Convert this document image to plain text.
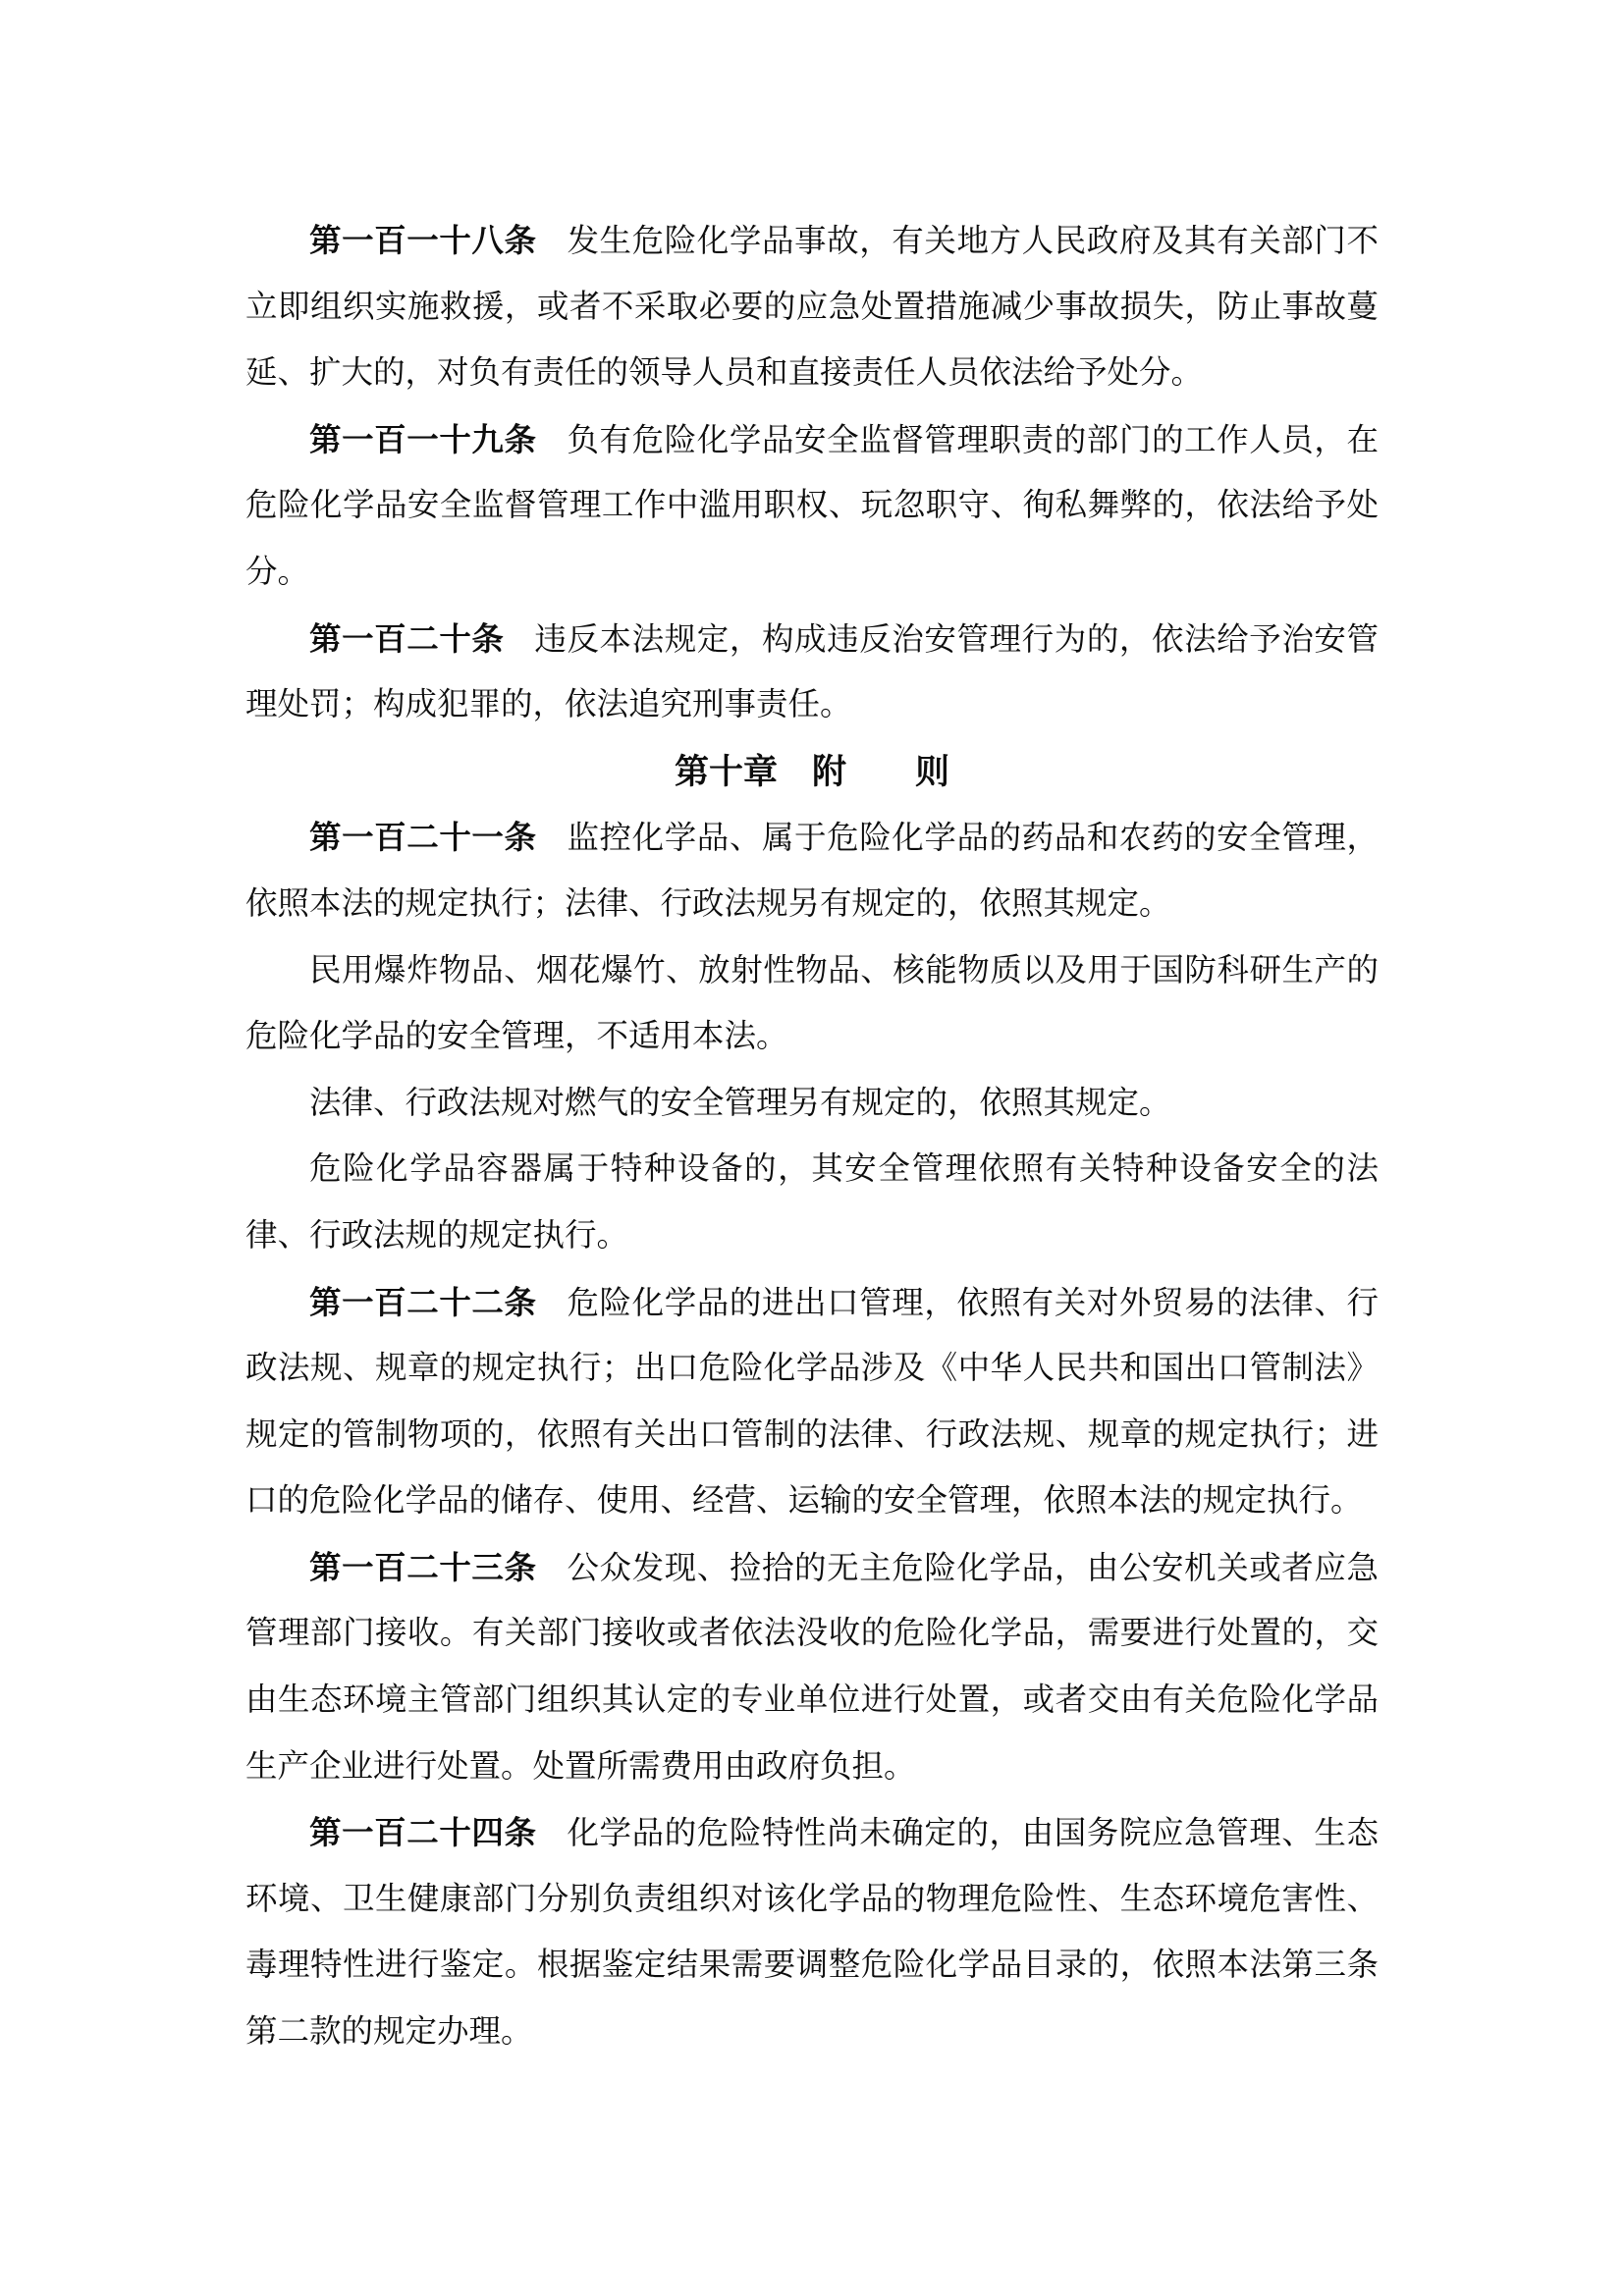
第一百一十八条 发生危险化学品事故，有关地方人民政府及其有关部门不
立即组织实施救援，或者不采取必要的应急处置措施减少事故损失，防止事故蔓
延、扩大的，对负有责任的领导人员和直接责任人员依法给予处分。
第一百一十九条 负有危险化学品安全监督管理职责的部门的工作人员，在
危险化学品安全监督管理工作中滥用职权、玩忽职守、徇私舞弊的，依法给予处
分。
第一百二十条 违反本法规定，构成违反治安管理行为的，依法给予治安管
理处罚；构成犯罪的，依法追究刑事责任。
第十章　附　　则
第一百二十一条 监控化学品、属于危险化学品的药品和农药的安全管理，
依照本法的规定执行；法律、行政法规另有规定的，依照其规定。
民用爆炸物品、烟花爆竹、放射性物品、核能物质以及用于国防科研生产的
危险化学品的安全管理，不适用本法。
法律、行政法规对燃气的安全管理另有规定的，依照其规定。
危险化学品容器属于特种设备的，其安全管理依照有关特种设备安全的法
律、行政法规的规定执行。
第一百二十二条 危险化学品的进出口管理，依照有关对外贸易的法律、行
政法规、规章的规定执行；出口危险化学品涉及《中华人民共和国出口管制法》
规定的管制物项的，依照有关出口管制的法律、行政法规、规章的规定执行；进
口的危险化学品的储存、使用、经营、运输的安全管理，依照本法的规定执行。
第一百二十三条 公众发现、捡拾的无主危险化学品，由公安机关或者应急
管理部门接收。有关部门接收或者依法没收的危险化学品，需要进行处置的，交
由生态环境主管部门组织其认定的专业单位进行处置，或者交由有关危险化学品
生产企业进行处置。处置所需费用由政府负担。
第一百二十四条 化学品的危险特性尚未确定的，由国务院应急管理、生态
环境、卫生健康部门分别负责组织对该化学品的物理危险性、生态环境危害性、
毒理特性进行鉴定。根据鉴定结果需要调整危险化学品目录的，依照本法第三条
第二款的规定办理。
